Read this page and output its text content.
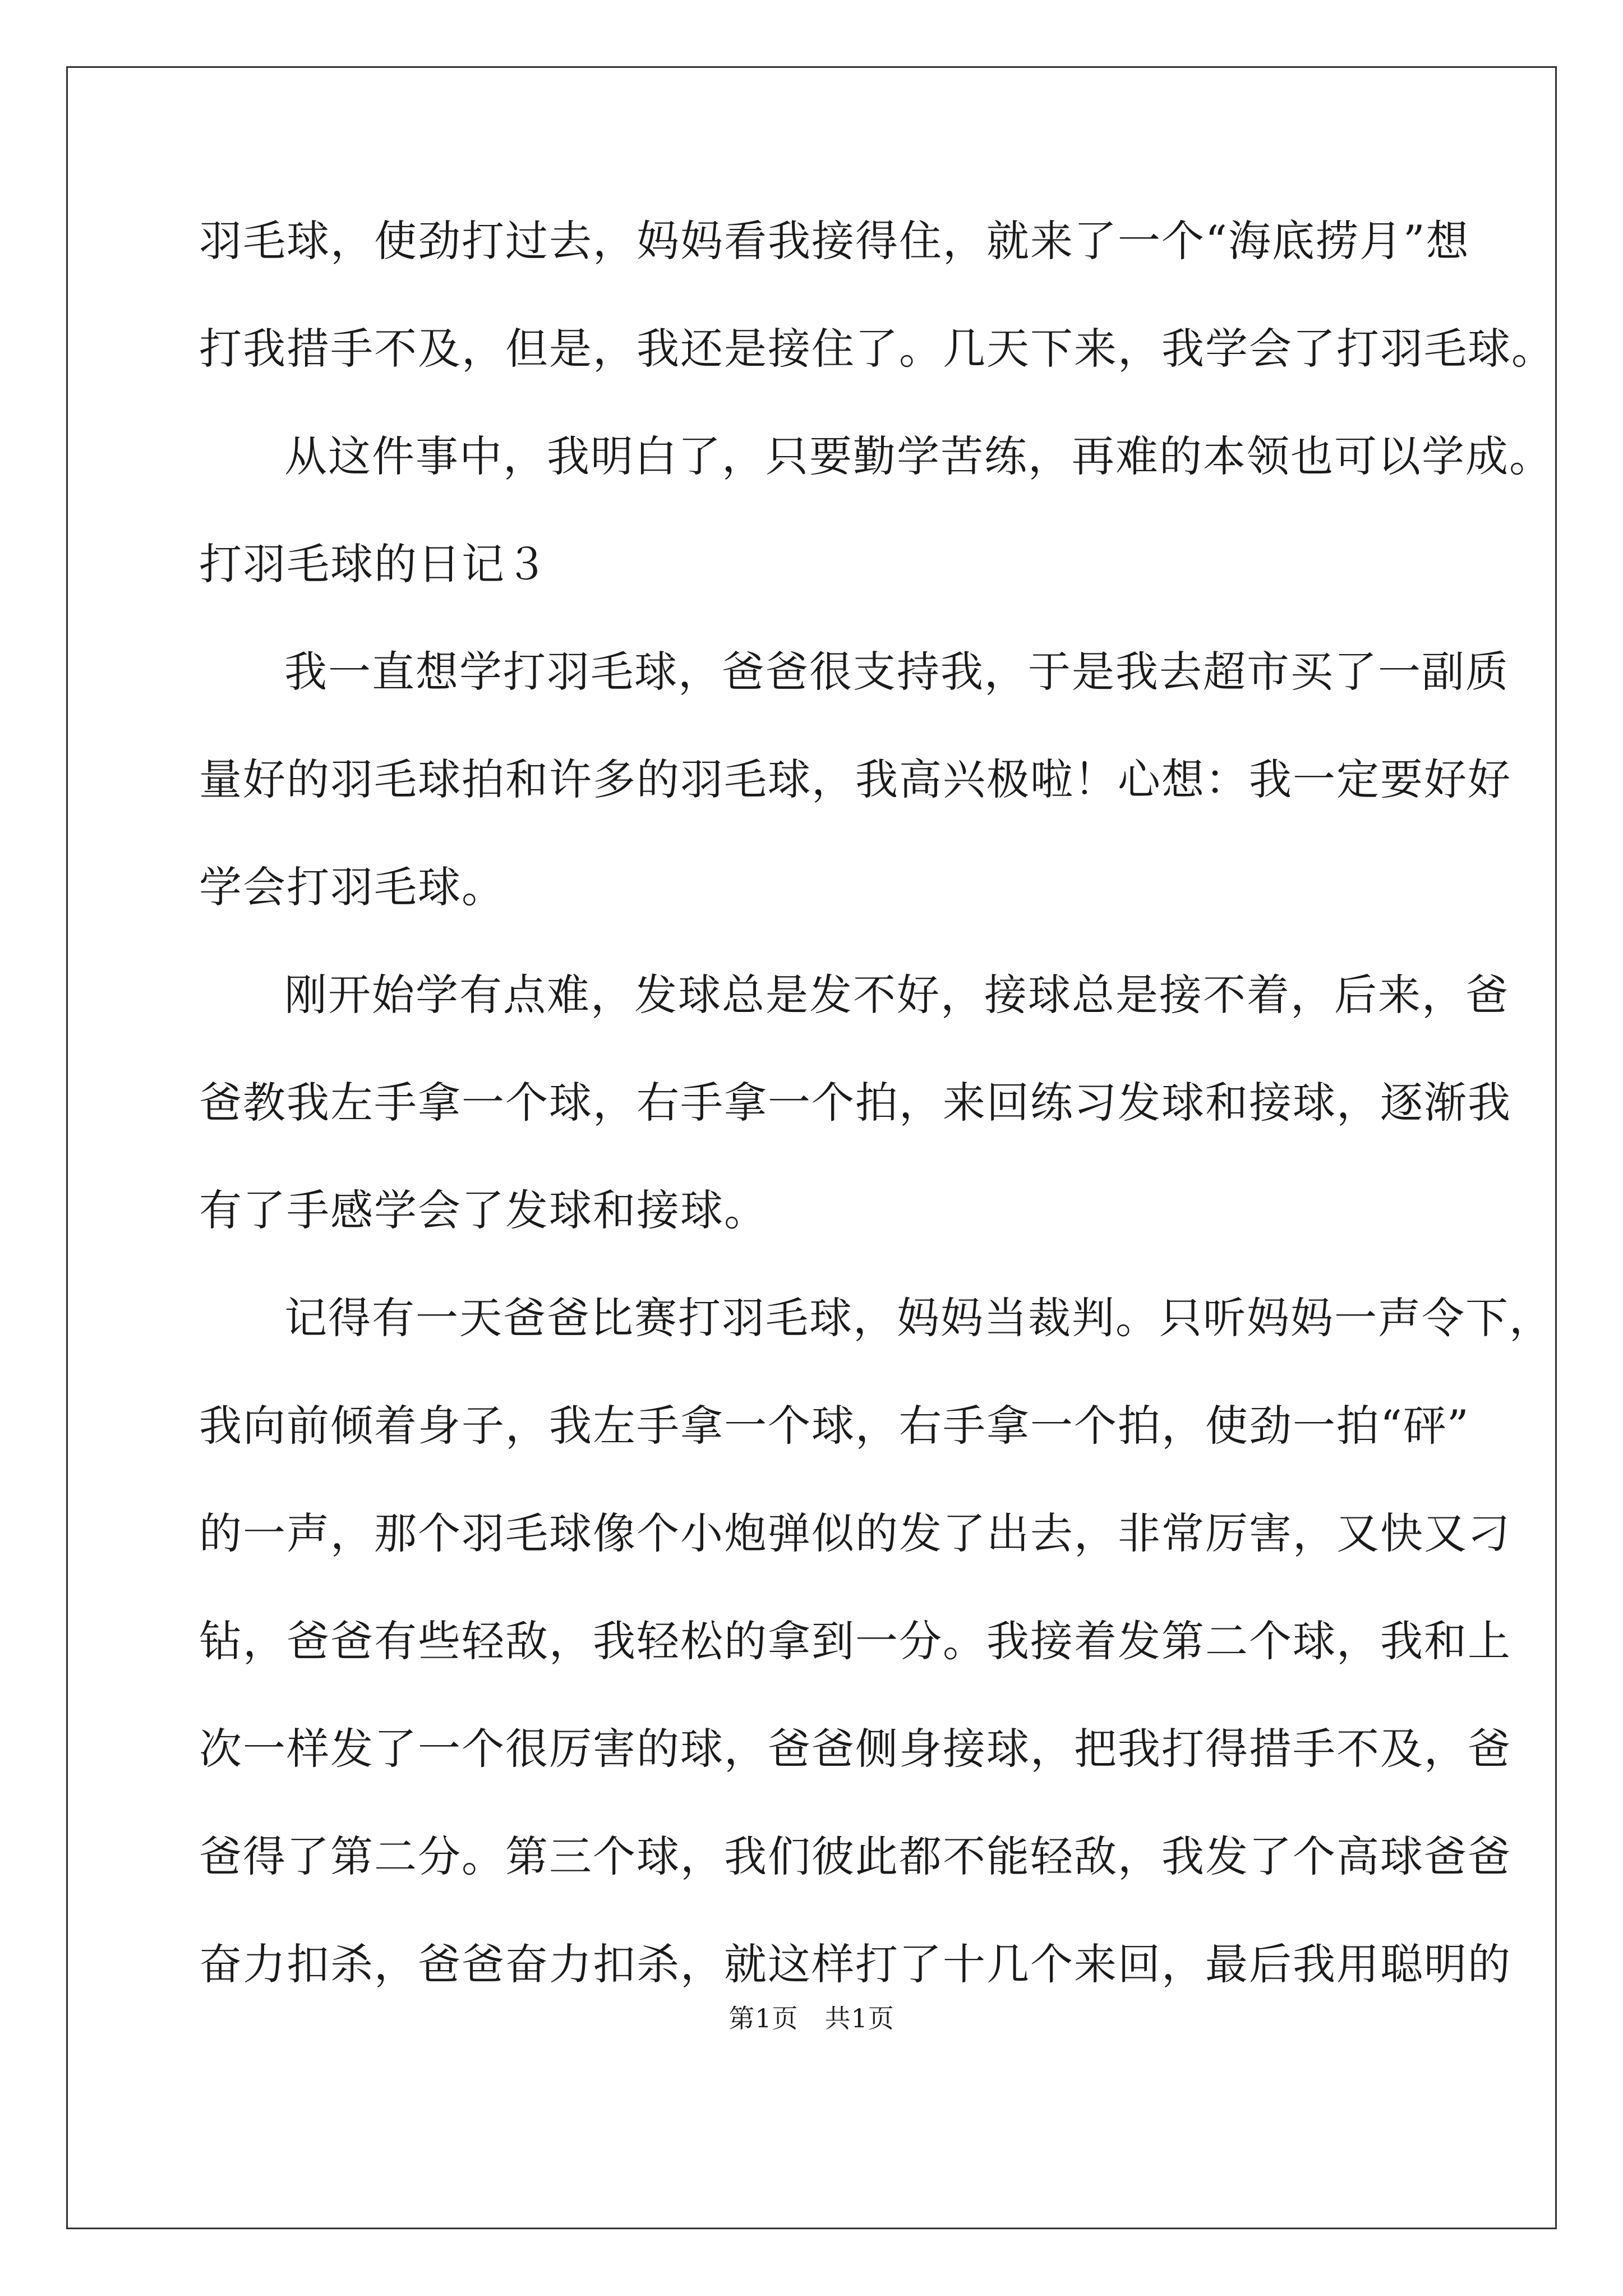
羽毛球，使劲打过去，妈妈看我接得住，就来了一个“海底捞月”想
打我措手不及，但是，我还是接住了。几天下来，我学会了打羽毛球。
从这件事中，我明白了，只要勤学苦练，再难的本领也可以学成。
打羽毛球的日记３
我一直想学打羽毛球，爸爸很支持我，于是我去超市买了一副质
量好的羽毛球拍和许多的羽毛球，我高兴极啦！心想：我一定要好好
学会打羽毛球。
刚开始学有点难，发球总是发不好，接球总是接不着，后来，爸
爸教我左手拿一个球，右手拿一个拍，来回练习发球和接球，逐渐我
有了手感学会了发球和接球。
记得有一天爸爸比赛打羽毛球，妈妈当裁判。只听妈妈一声令下，
我向前倾着身子，我左手拿一个球，右手拿一个拍，使劲一拍“砰”
的一声，那个羽毛球像个小炮弹似的发了出去，非常厉害，又快又刁
钻，爸爸有些轻敌，我轻松的拿到一分。我接着发第二个球，我和上
次一样发了一个很厉害的球，爸爸侧身接球，把我打得措手不及，爸
爸得了第二分。第三个球，我们彼此都不能轻敌，我发了个高球爸爸
奋力扣杀，爸爸奋力扣杀，就这样打了十几个来回，最后我用聪明的
第1页　共1页
